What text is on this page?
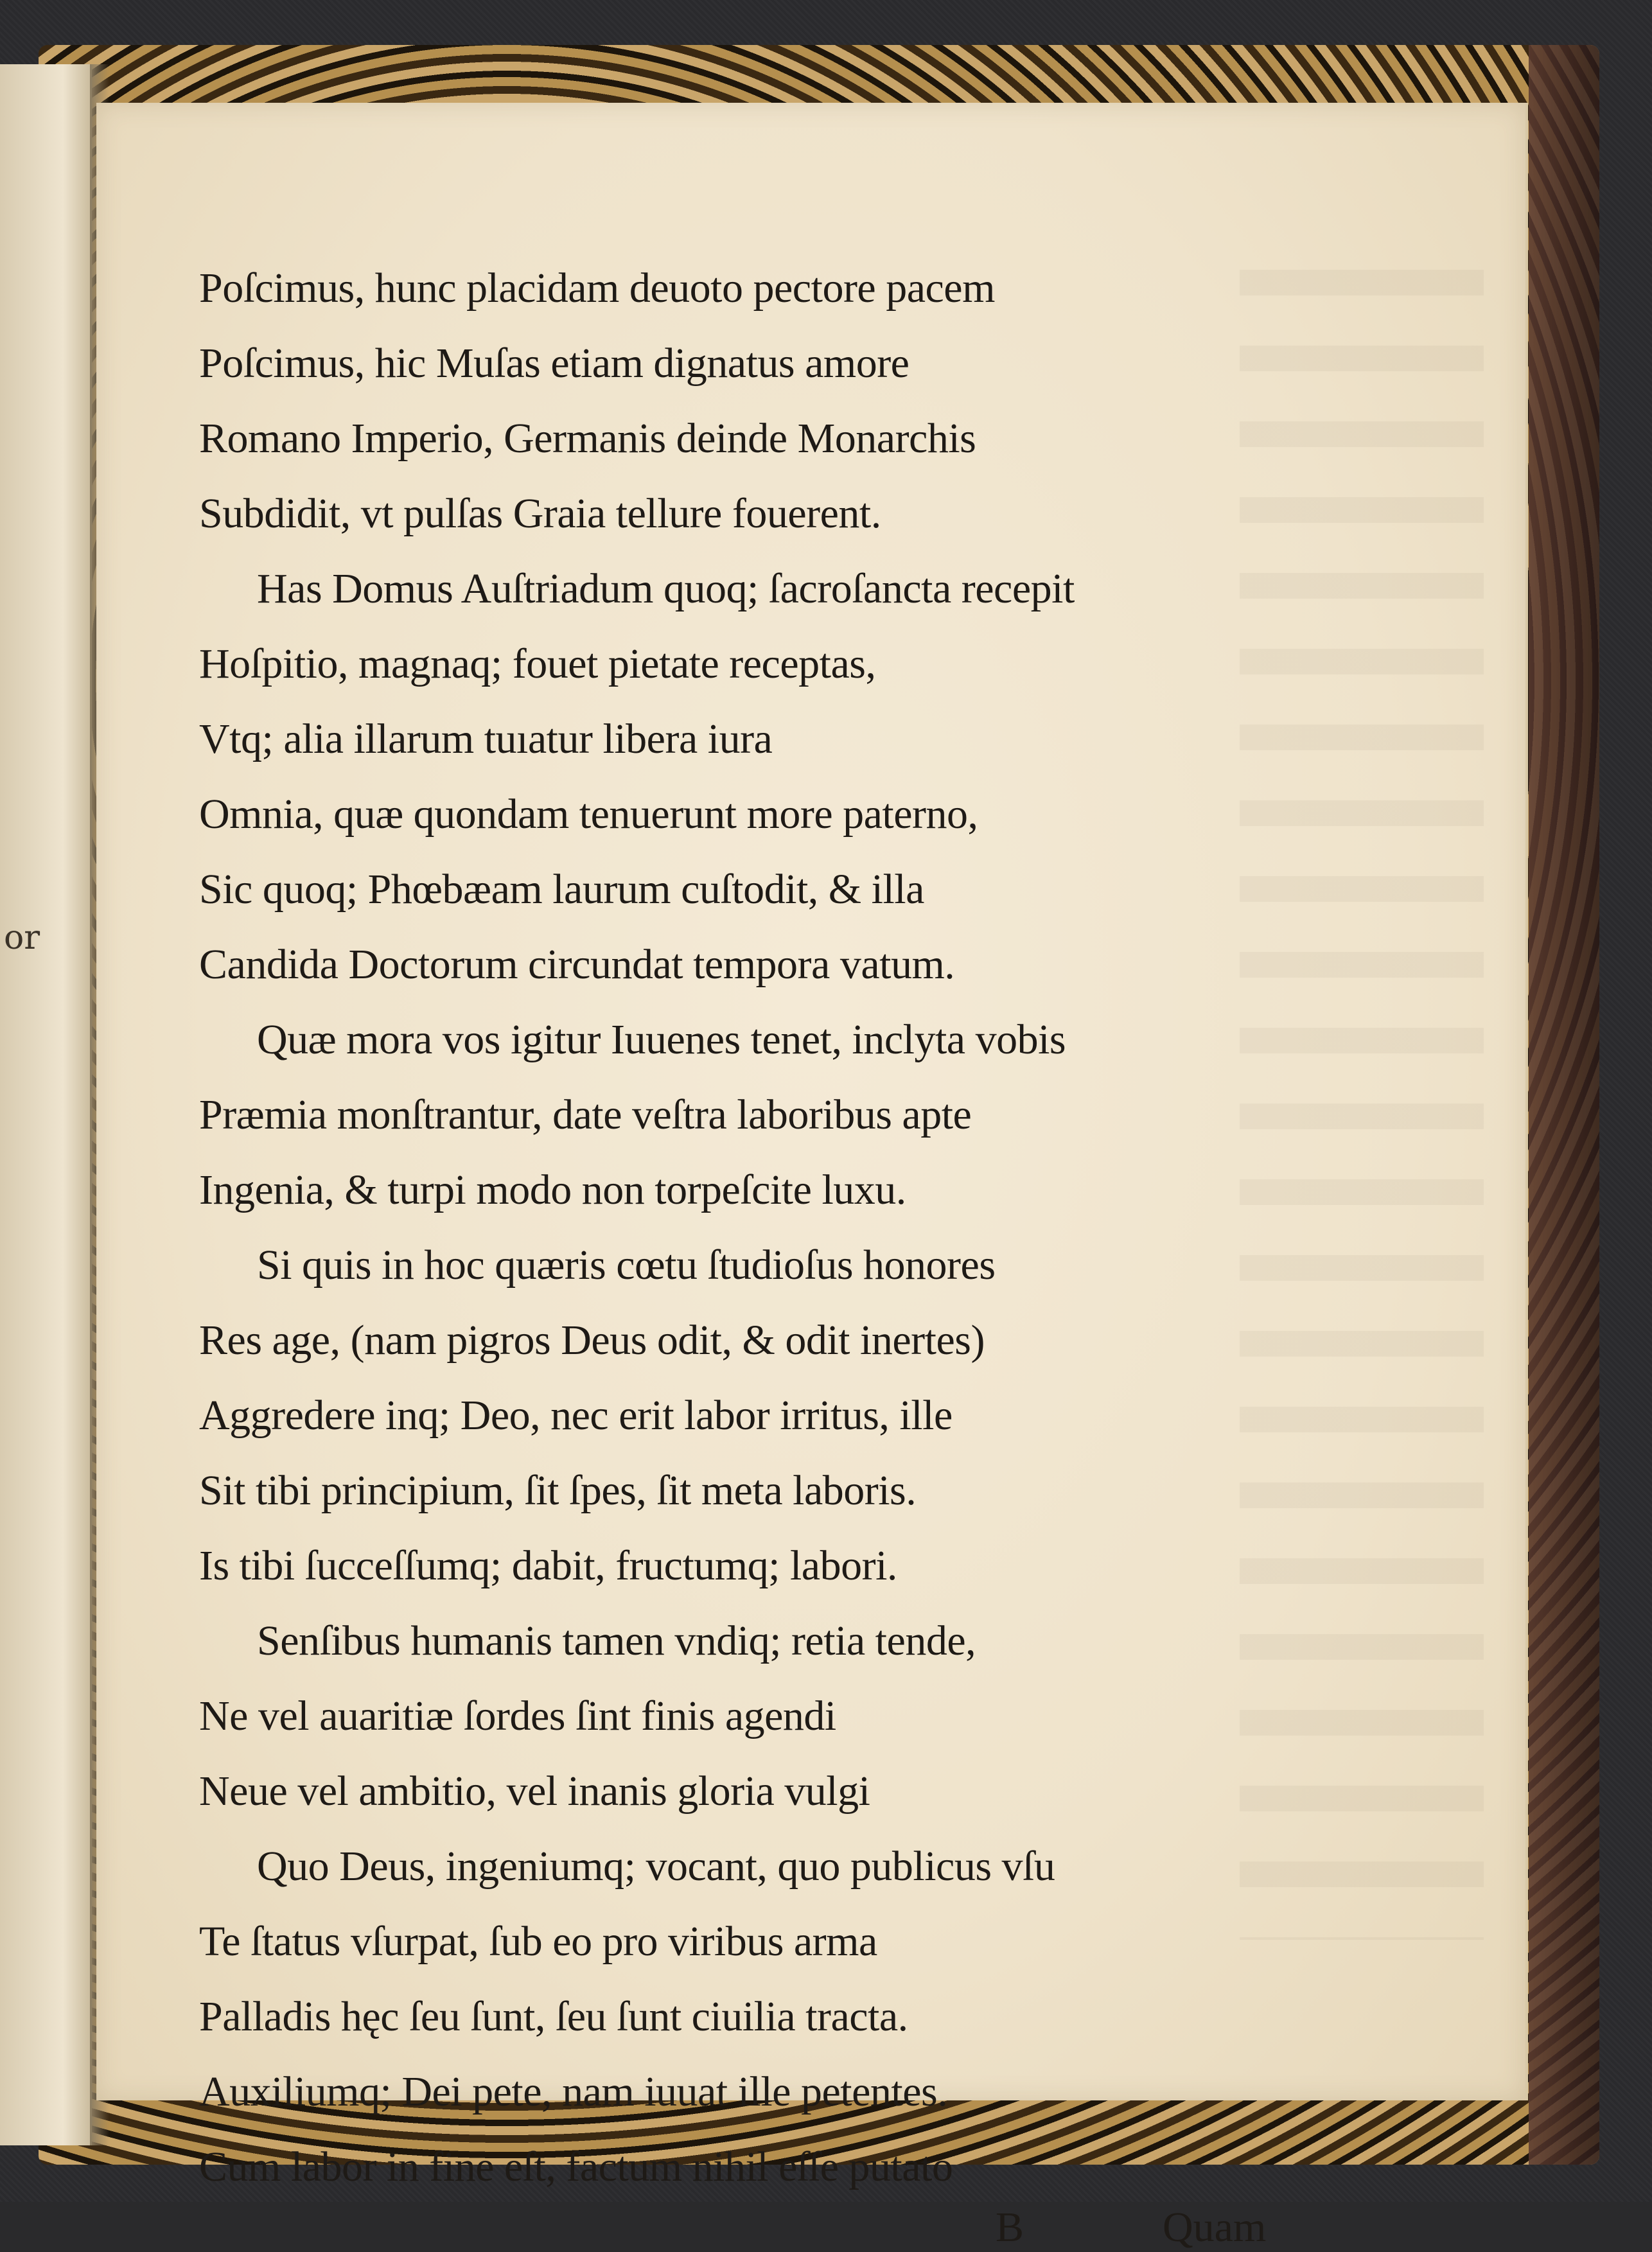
or
Poſcimus, hunc placidam deuoto pectore pacem
Poſcimus, hic Muſas etiam dignatus amore
Romano Imperio, Germanis deinde Monarchis
Subdidit, vt pulſas Graia tellure fouerent.
Has Domus Auſtriadum quoq; ſacroſancta recepit
Hoſpitio, magnaq; fouet pietate receptas,
Vtq; alia illarum tuıatur libera iura
Omnia, quæ quondam tenuerunt more paterno,
Sic quoq; Phœbæam laurum cuſtodit, & illa
Candida Doctorum circundat tempora vatum.
Quæ mora vos igitur Iuuenes tenet, inclyta vobis
Præmia monſtrantur, date veſtra laboribus apte
Ingenia, & turpi modo non torpeſcite luxu.
Si quis in hoc quæris cœtu ſtudioſus honores
Res age, (nam pigros Deus odit, & odit inertes)
Aggredere inq; Deo, nec erit labor irritus, ille
Sit tibi principium, ſit ſpes, ſit meta laboris.
Is tibi ſucceſſumq; dabit, fructumq; labori.
Senſibus humanis tamen vndiq; retia tende,
Ne vel auaritiæ ſordes ſint finis agendi
Neue vel ambitio, vel inanis gloria vulgi
Quo Deus, ingeniumq; vocant, quo publicus vſu
Te ſtatus vſurpat, ſub eo pro viribus arma
Palladis hęc ſeu ſunt, ſeu ſunt ciuilia tracta.
Auxiliumq; Dei pete, nam iuuat ille petentes.
Cum labor in fine eſt, factum nihil eſſe putato
B	Quam
